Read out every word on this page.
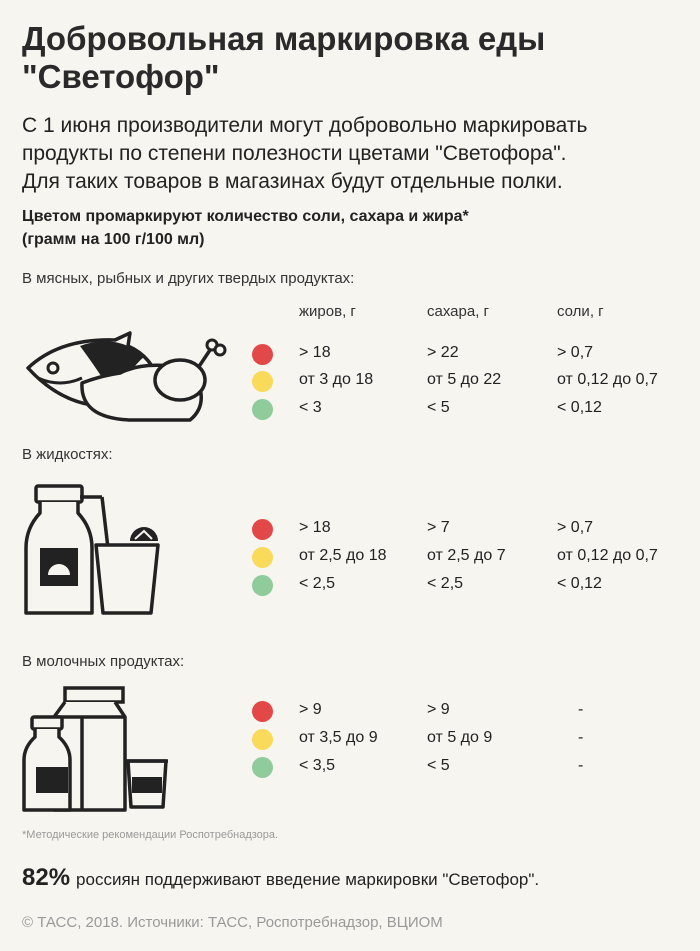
Добровольная маркировка еды
"Светофор"
С 1 июня производители могут добровольно маркировать
продукты по степени полезности цветами "Светофора".
Для таких товаров в магазинах будут отдельные полки.
Цветом промаркируют количество соли, сахара и жира*
(грамм на 100 г/100 мл)
В мясных, рыбных и других твердых продуктах:
жиров, г	сахара, г	соли, г
> 18	> 22	> 0,7
от 3 до 18	от 5 до 22	от 0,12 до 0,7
< 3	< 5	< 0,12
В жидкостях:
> 18	> 7	> 0,7
от 2,5 до 18	от 2,5 до 7	от 0,12 до 0,7
< 2,5	< 2,5	< 0,12
В молочных продуктах:
> 9	> 9	-
от 3,5 до 9	от 5 до 9	-
< 3,5	< 5	-
*Методические рекомендации Роспотребнадзора.
82% россиян поддерживают введение маркировки "Светофор".
© ТАСС, 2018. Источники: ТАСС, Роспотребнадзор, ВЦИОМ
